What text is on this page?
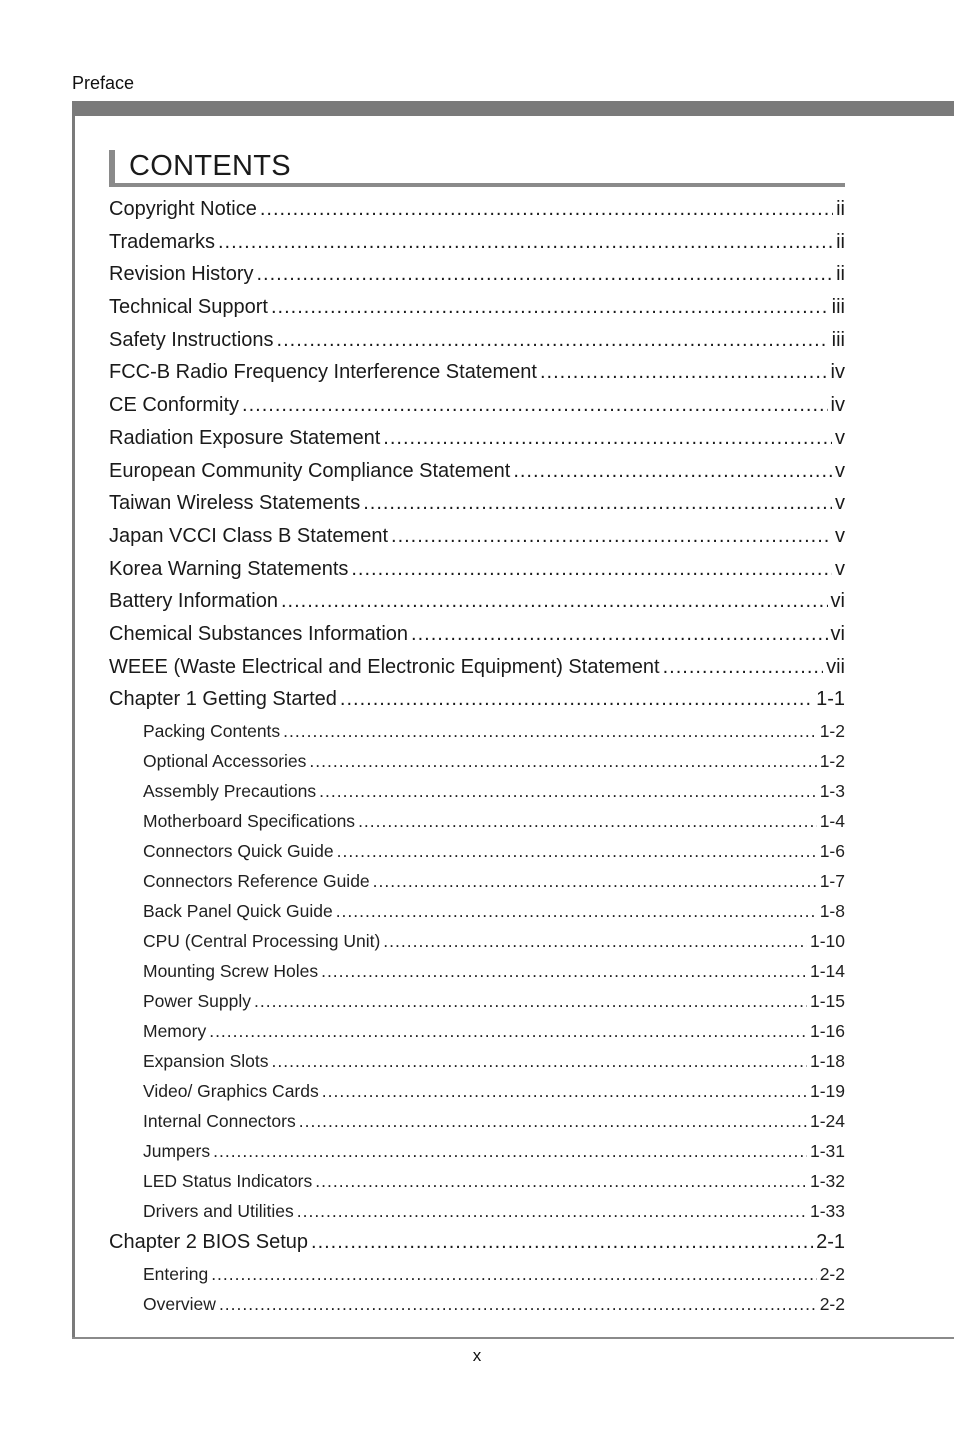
Preface
CONTENTS
Copyright Notice .....	ii
Trademarks .....	ii
Revision History .....	ii
Technical Support .....	iii
Safety Instructions .....	iii
FCC-B Radio Frequency Interference Statement .....	iv
CE Conformity .....	iv
Radiation Exposure Statement .....	v
European Community Compliance Statement .....	v
Taiwan Wireless Statements .....	v
Japan VCCI Class B Statement .....	v
Korea Warning Statements .....	v
Battery Information .....	vi
Chemical Substances Information .....	vi
WEEE (Waste Electrical and Electronic Equipment) Statement .....	vii
Chapter 1 Getting Started .....	1-1
Packing Contents .....	1-2
Optional Accessories .....	1-2
Assembly Precautions .....	1-3
Motherboard Specifications .....	1-4
Connectors Quick Guide .....	1-6
Connectors Reference Guide .....	1-7
Back Panel Quick Guide .....	1-8
CPU (Central Processing Unit) .....	1-10
Mounting Screw Holes .....	1-14
Power Supply .....	1-15
Memory .....	1-16
Expansion Slots .....	1-18
Video/ Graphics Cards .....	1-19
Internal Connectors .....	1-24
Jumpers .....	1-31
LED Status Indicators .....	1-32
Drivers and Utilities .....	1-33
Chapter 2 BIOS Setup .....	2-1
Entering .....	2-2
Overview .....	2-2
x
